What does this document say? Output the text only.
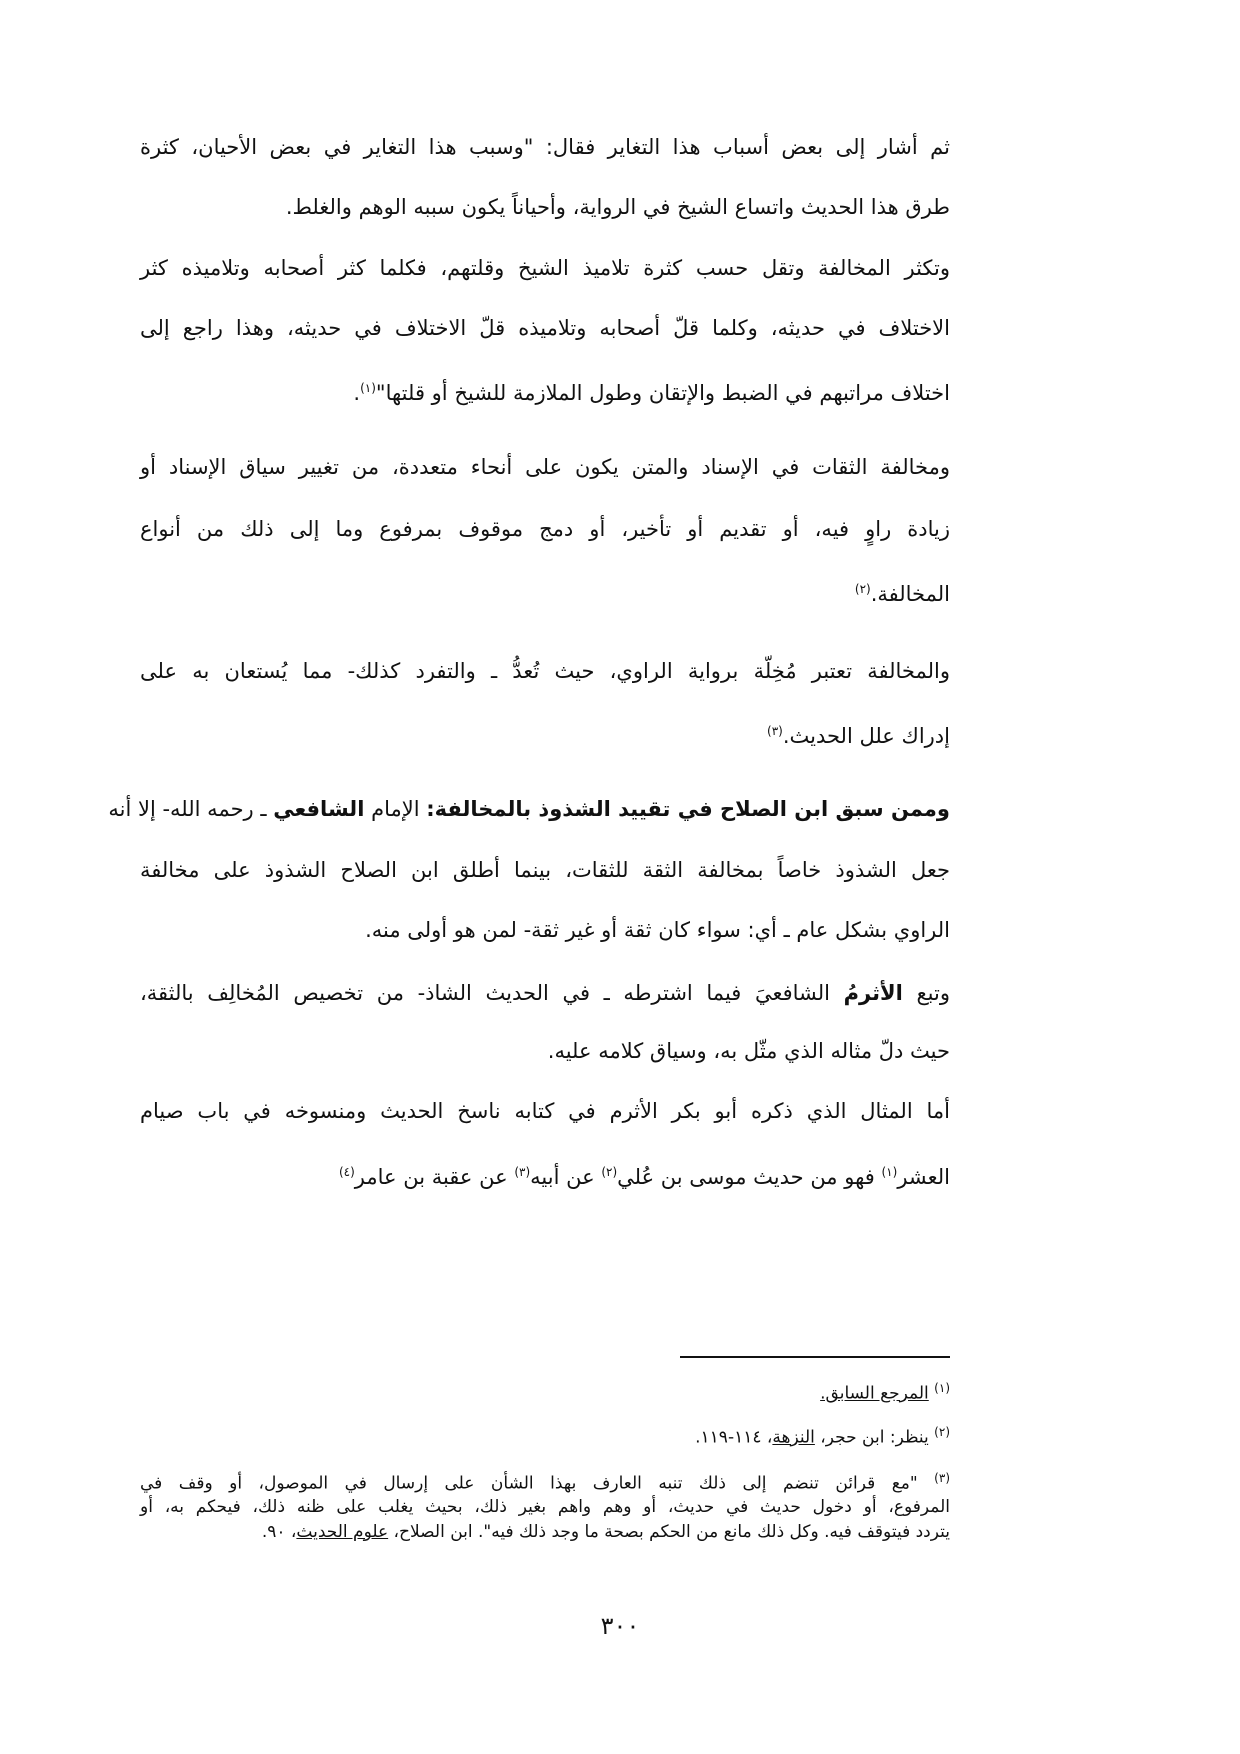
ثم أشار إلى بعض أسباب هذا التغاير فقال: "وسبب هذا التغاير في بعض الأحيان، كثرة
طرق هذا الحديث واتساع الشيخ في الرواية، وأحياناً يكون سببه الوهم والغلط.
وتكثر المخالفة وتقل حسب كثرة تلاميذ الشيخ وقلتهم، فكلما كثر أصحابه وتلاميذه كثر
الاختلاف في حديثه، وكلما قلّ أصحابه وتلاميذه قلّ الاختلاف في حديثه، وهذا راجع إلى
اختلاف مراتبهم في الضبط والإتقان وطول الملازمة للشيخ أو قلتها"$^{(١)}$.
ومخالفة الثقات في الإسناد والمتن يكون على أنحاء متعددة، من تغيير سياق الإسناد أو
زيادة راوٍ فيه، أو تقديم أو تأخير، أو دمج موقوف بمرفوع وما إلى ذلك من أنواع
المخالفة.$^{(٢)}$
والمخالفة تعتبر مُخِلّة برواية الراوي، حيث تُعدُّ ـ والتفرد كذلك- مما يُستعان به على
إدراك علل الحديث.$^{(٣)}$
وممن سبق ابن الصلاح في تقييد الشذوذ بالمخالفة: الإمام الشافعي ـ رحمه الله- إلا أنه
جعل الشذوذ خاصاً بمخالفة الثقة للثقات، بينما أطلق ابن الصلاح الشذوذ على مخالفة
الراوي بشكل عام ـ أي: سواء كان ثقة أو غير ثقة- لمن هو أولى منه.
وتبع الأثرمُ الشافعيَ فيما اشترطه ـ في الحديث الشاذ- من تخصيص المُخالِف بالثقة،
حيث دلّ مثاله الذي مثّل به، وسياق كلامه عليه.
أما المثال الذي ذكره أبو بكر الأثرم في كتابه ناسخ الحديث ومنسوخه في باب صيام
العشر$^{(١)}$ فهو من حديث موسى بن عُلي$^{(٢)}$ عن أبيه$^{(٣)}$ عن عقبة بن عامر$^{(٤)}$
$^{(١)}$ المرجع السابق.
$^{(٢)}$ ينظر: ابن حجر، النزهة، ١١٤-١١٩.
$^{(٣)}$ "مع قرائن تنضم إلى ذلك تنبه العارف بهذا الشأن على إرسال في الموصول، أو وقف في
المرفوع، أو دخول حديث في حديث، أو وهم واهم بغير ذلك، بحيث يغلب على ظنه ذلك، فيحكم به، أو
يتردد فيتوقف فيه. وكل ذلك مانع من الحكم بصحة ما وجد ذلك فيه". ابن الصلاح، علوم الحديث، ٩٠.
٣٠٠
